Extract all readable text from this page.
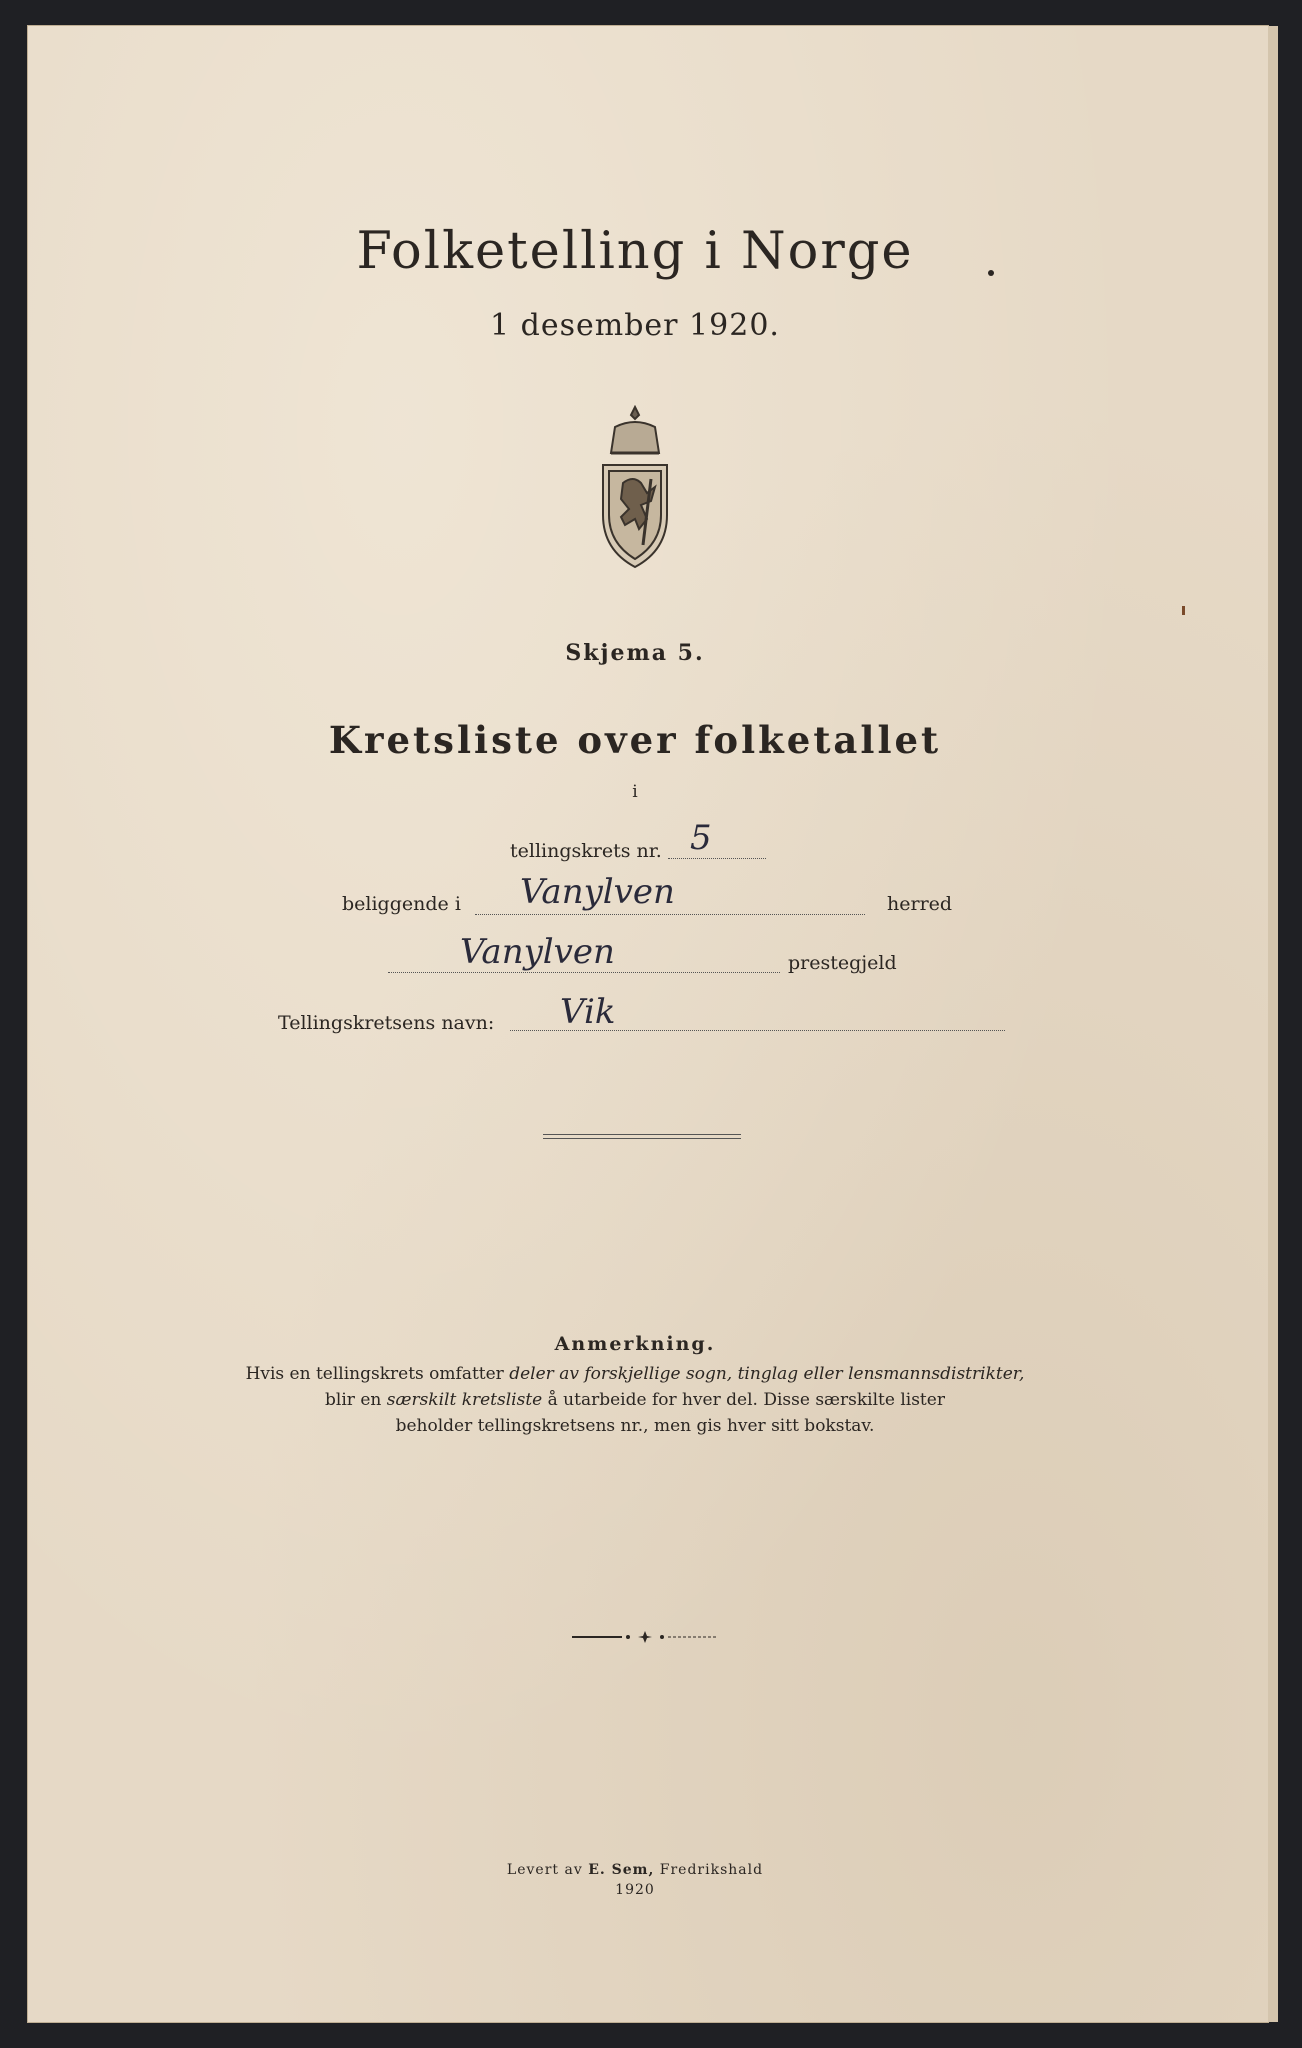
Folketelling i Norge
1 desember 1920.
Skjema 5.
Kretsliste over folketallet
i
tellingskrets nr. 5
beliggende i Vanylven	herred
Vanylven	prestegjeld
Tellingskretsens navn: Vik
Anmerkning.
Hvis en tellingskrets omfatter deler av forskjellige sogn, tinglag eller lensmannsdistrikter,
blir en særskilt kretsliste å utarbeide for hver del. Disse særskilte lister
beholder tellingskretsens nr., men gis hver sitt bokstav.
Levert av E. Sem, Fredrikshald
1920
